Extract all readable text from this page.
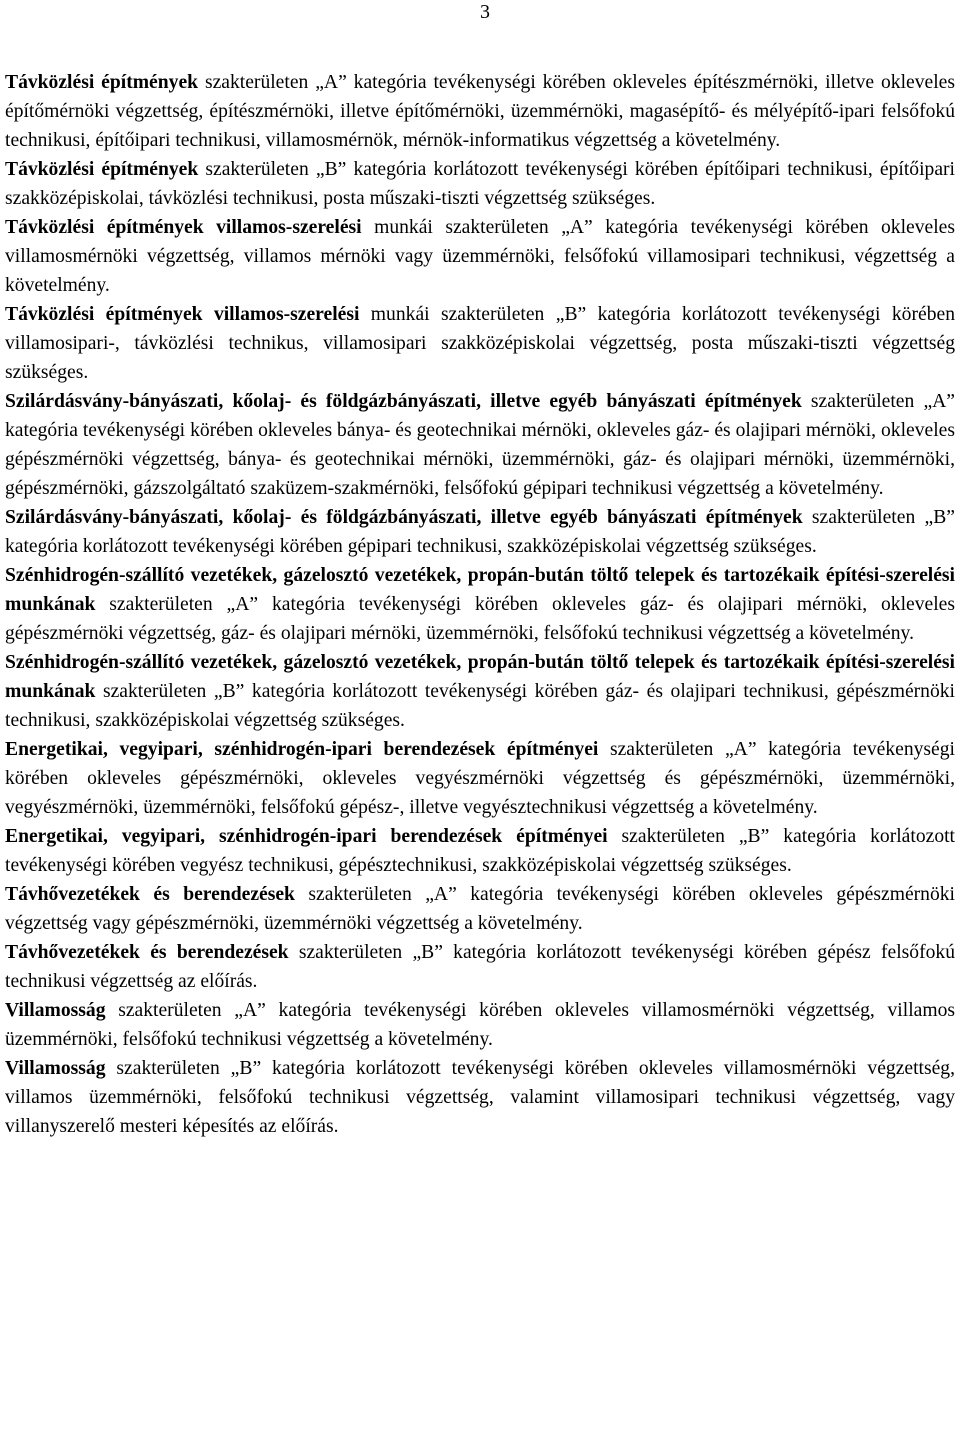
3

Távközlési építmények szakterületen „A” kategória tevékenységi körében okleveles építészmérnöki, illetve okleveles építőmérnöki végzettség, építészmérnöki, illetve építőmérnöki, üzemmérnöki, magasépítő- és mélyépítő-ipari felsőfokú technikusi, építőipari technikusi, villamosmérnök, mérnök-informatikus végzettség a követelmény.

Távközlési építmények szakterületen „B” kategória korlátozott tevékenységi körében építőipari technikusi, építőipari szakközépiskolai, távközlési technikusi, posta műszaki-tiszti végzettség szükséges.

Távközlési építmények villamos-szerelési munkái szakterületen „A” kategória tevékenységi körében okleveles villamosmérnöki végzettség, villamos mérnöki vagy üzemmérnöki, felsőfokú villamosipari technikusi, végzettség a követelmény.

Távközlési építmények villamos-szerelési munkái szakterületen „B” kategória korlátozott tevékenységi körében villamosipari-, távközlési technikus, villamosipari szakközépiskolai végzettség, posta műszaki-tiszti végzettség szükséges.

Szilárdásvány-bányászati, kőolaj- és földgázbányászati, illetve egyéb bányászati építmények szakterületen „A” kategória tevékenységi körében okleveles bánya- és geotechnikai mérnöki, okleveles gáz- és olajipari mérnöki, okleveles gépészmérnöki végzettség, bánya- és geotechnikai mérnöki, üzemmérnöki, gáz- és olajipari mérnöki, üzemmérnöki, gépészmérnöki, gázszolgáltató szaküzem-szakmérnöki, felsőfokú gépipari technikusi végzettség a követelmény.

Szilárdásvány-bányászati, kőolaj- és földgázbányászati, illetve egyéb bányászati építmények szakterületen „B” kategória korlátozott tevékenységi körében gépipari technikusi, szakközépiskolai végzettség szükséges.

Szénhidrogén-szállító vezetékek, gázelosztó vezetékek, propán-bután töltő telepek és tartozékaik építési-szerelési munkának szakterületen „A” kategória tevékenységi körében okleveles gáz- és olajipari mérnöki, okleveles gépészmérnöki végzettség, gáz- és olajipari mérnöki, üzemmérnöki, felsőfokú technikusi végzettség a követelmény.

Szénhidrogén-szállító vezetékek, gázelosztó vezetékek, propán-bután töltő telepek és tartozékaik építési-szerelési munkának szakterületen „B” kategória korlátozott tevékenységi körében gáz- és olajipari technikusi, gépészmérnöki technikusi, szakközépiskolai végzettség szükséges.

Energetikai, vegyipari, szénhidrogén-ipari berendezések építményei szakterületen „A” kategória tevékenységi körében okleveles gépészmérnöki, okleveles vegyészmérnöki végzettség és gépészmérnöki, üzemmérnöki, vegyészmérnöki, üzemmérnöki, felsőfokú gépész-, illetve vegyésztechnikusi végzettség a követelmény.

Energetikai, vegyipari, szénhidrogén-ipari berendezések építményei szakterületen „B” kategória korlátozott tevékenységi körében vegyész technikusi, gépésztechnikusi, szakközépiskolai végzettség szükséges.

Távhővezetékek és berendezések szakterületen „A” kategória tevékenységi körében okleveles gépészmérnöki végzettség vagy gépészmérnöki, üzemmérnöki végzettség a követelmény.

Távhővezetékek és berendezések szakterületen „B” kategória korlátozott tevékenységi körében gépész felsőfokú technikusi végzettség az előírás.

Villamosság szakterületen „A” kategória tevékenységi körében okleveles villamosmérnöki végzettség, villamos üzemmérnöki, felsőfokú technikusi végzettség a követelmény.

Villamosság szakterületen „B” kategória korlátozott tevékenységi körében okleveles villamosmérnöki végzettség, villamos üzemmérnöki, felsőfokú technikusi végzettség, valamint villamosipari technikusi végzettség, vagy villanyszerelő mesteri képesítés az előírás.
